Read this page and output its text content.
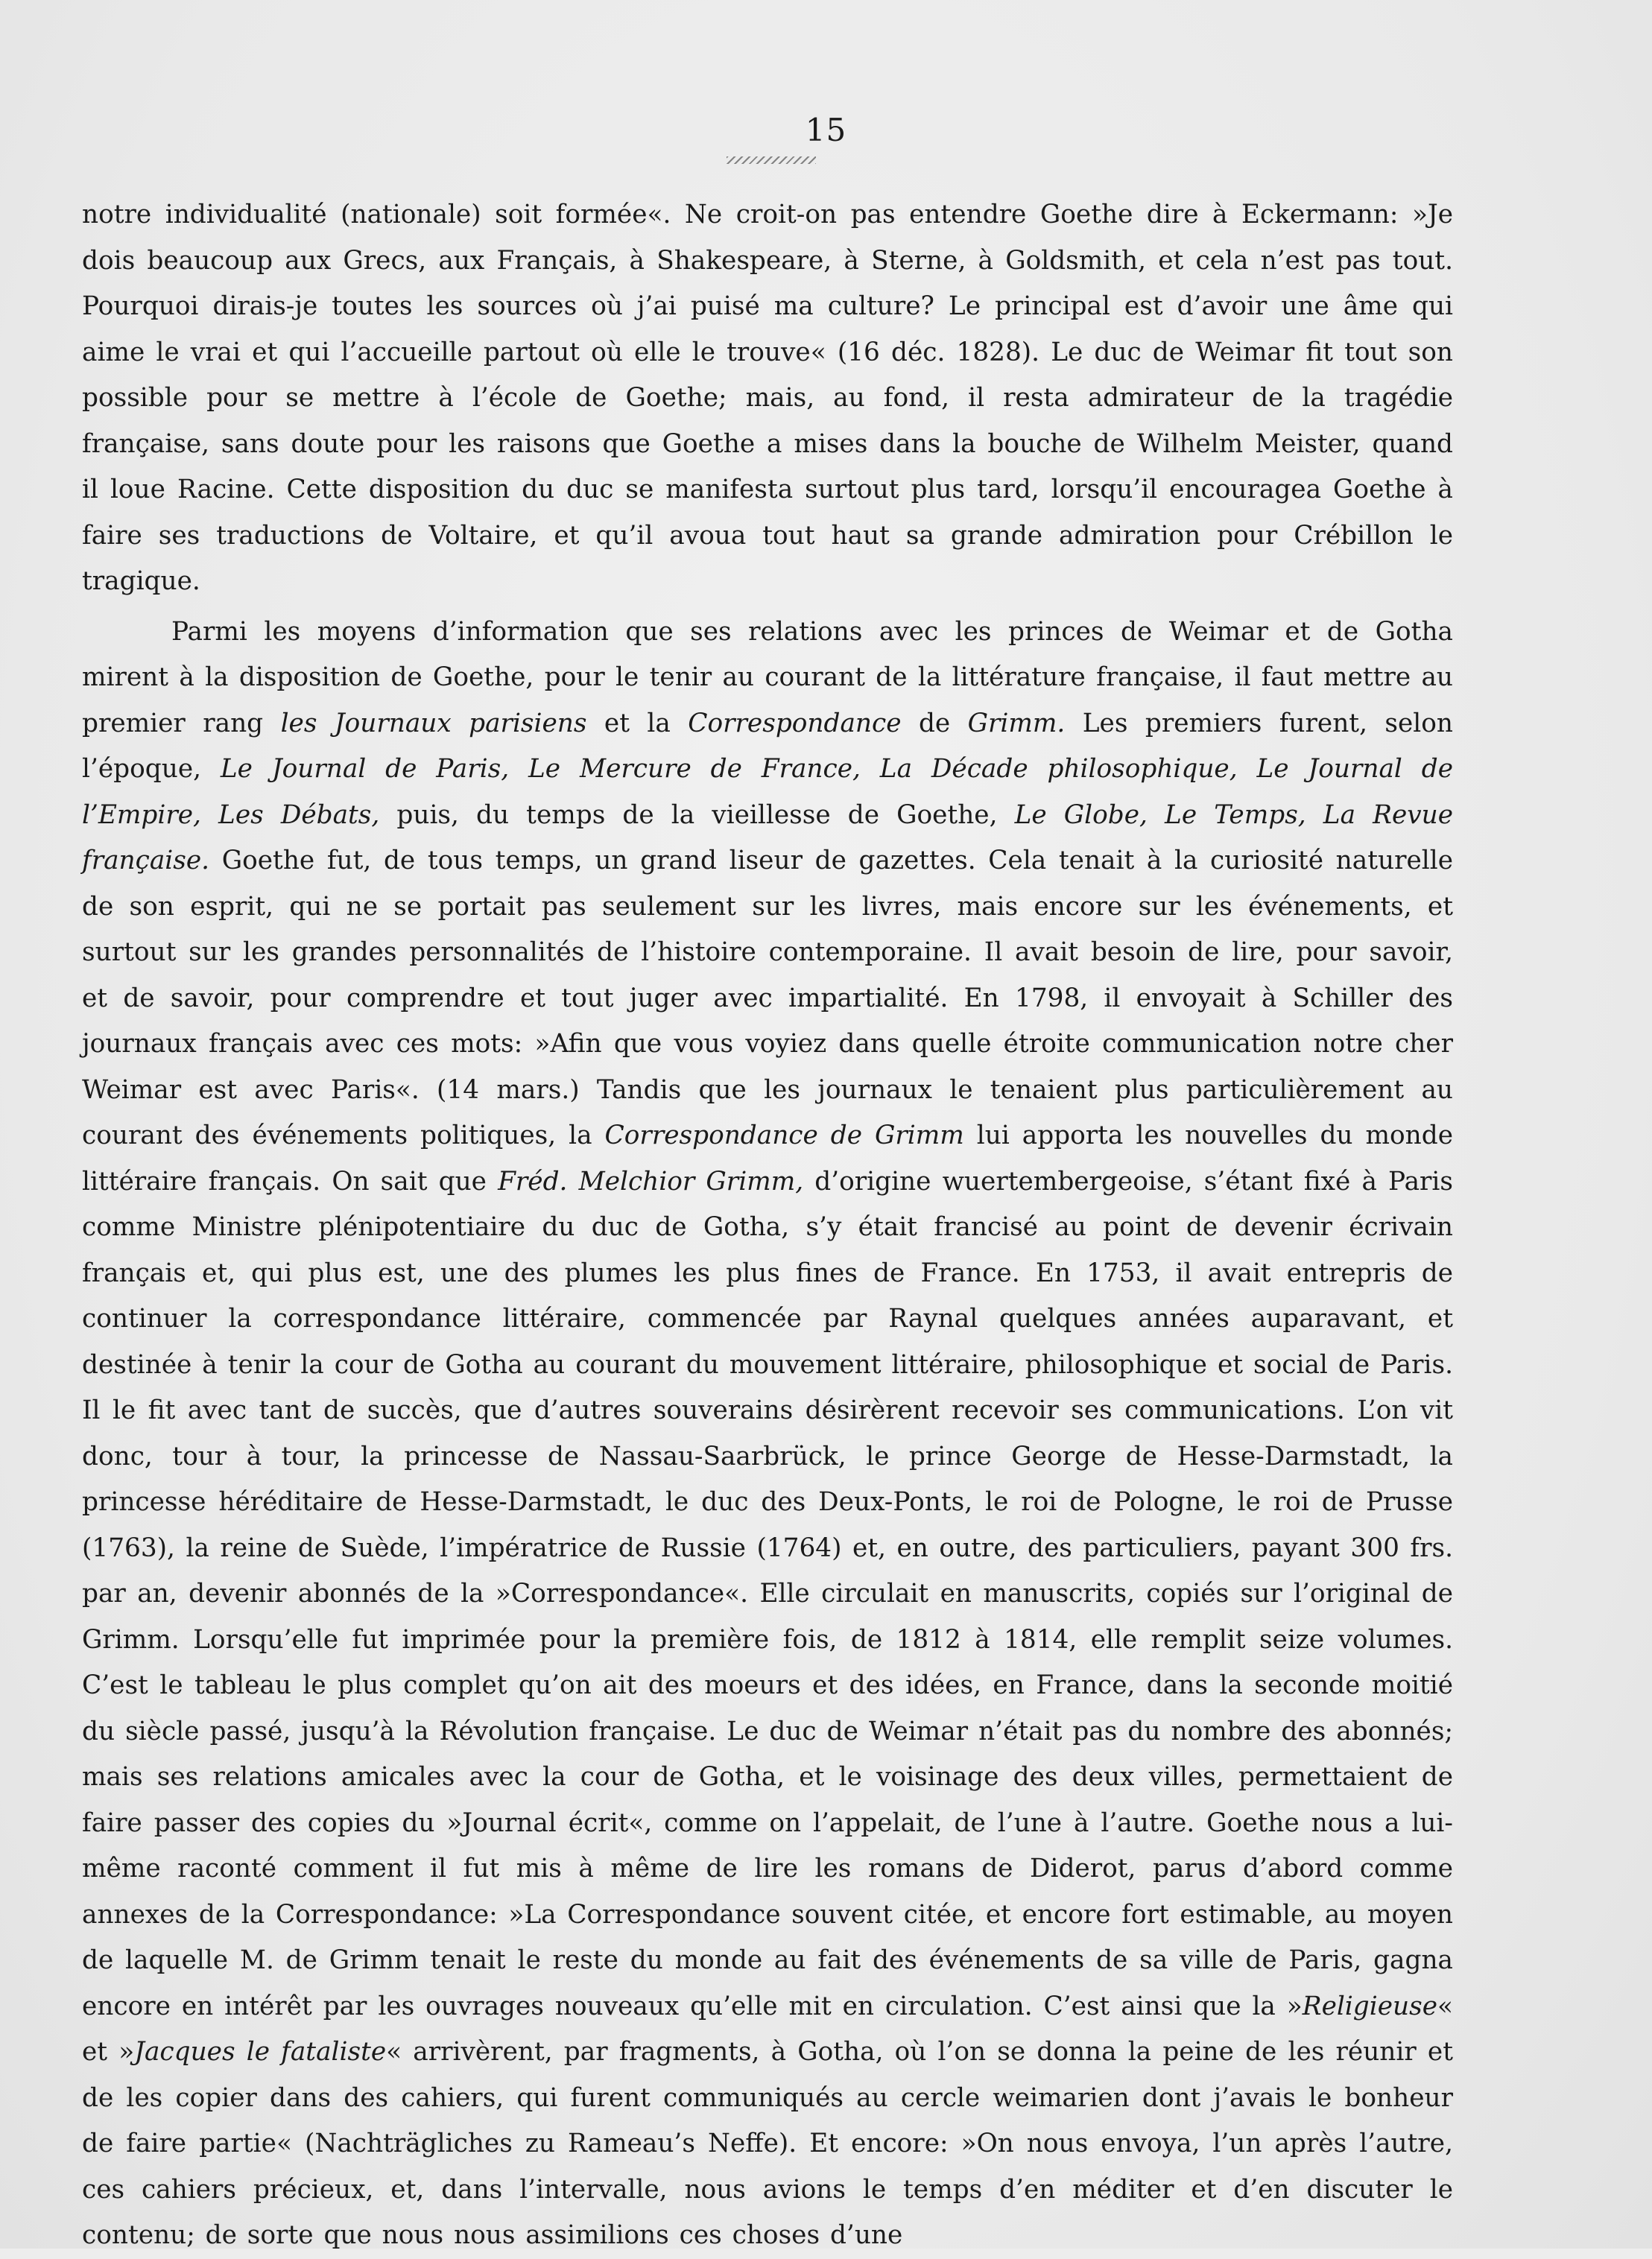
15

notre individualité (nationale) soit formée«. Ne croit-on pas entendre Goethe dire à Eckermann: »Je dois beaucoup aux Grecs, aux Français, à Shakespeare, à Sterne, à Goldsmith, et cela n’est pas tout. Pourquoi dirais-je toutes les sources où j’ai puisé ma culture? Le principal est d’avoir une âme qui aime le vrai et qui l’accueille partout où elle le trouve« (16 déc. 1828). Le duc de Weimar fit tout son possible pour se mettre à l’école de Goethe; mais, au fond, il resta admirateur de la tragédie française, sans doute pour les raisons que Goethe a mises dans la bouche de Wilhelm Meister, quand il loue Racine. Cette disposition du duc se manifesta surtout plus tard, lorsqu’il encouragea Goethe à faire ses traductions de Voltaire, et qu’il avoua tout haut sa grande admiration pour Crébillon le tragique.

Parmi les moyens d’information que ses relations avec les princes de Weimar et de Gotha mirent à la disposition de Goethe, pour le tenir au courant de la littérature française, il faut mettre au premier rang les Journaux parisiens et la Correspondance de Grimm. Les premiers furent, selon l’époque, Le Journal de Paris, Le Mercure de France, La Décade philosophique, Le Journal de l’Empire, Les Débats, puis, du temps de la vieillesse de Goethe, Le Globe, Le Temps, La Revue française. Goethe fut, de tous temps, un grand liseur de gazettes. Cela tenait à la curiosité naturelle de son esprit, qui ne se portait pas seulement sur les livres, mais encore sur les événements, et surtout sur les grandes personnalités de l’histoire contemporaine. Il avait besoin de lire, pour savoir, et de savoir, pour comprendre et tout juger avec impartialité. En 1798, il envoyait à Schiller des journaux français avec ces mots: »Afin que vous voyiez dans quelle étroite communication notre cher Weimar est avec Paris«. (14 mars.) Tandis que les journaux le tenaient plus particulièrement au courant des événements politiques, la Correspondance de Grimm lui apporta les nouvelles du monde littéraire français. On sait que Fréd. Melchior Grimm, d’origine wuertembergeoise, s’étant fixé à Paris comme Ministre plénipotentiaire du duc de Gotha, s’y était francisé au point de devenir écrivain français et, qui plus est, une des plumes les plus fines de France. En 1753, il avait entrepris de continuer la correspondance littéraire, commencée par Raynal quelques années auparavant, et destinée à tenir la cour de Gotha au courant du mouvement littéraire, philosophique et social de Paris. Il le fit avec tant de succès, que d’autres souverains désirèrent recevoir ses communications. L’on vit donc, tour à tour, la princesse de Nassau-Saarbrück, le prince George de Hesse-Darmstadt, la princesse héréditaire de Hesse-Darmstadt, le duc des Deux-Ponts, le roi de Pologne, le roi de Prusse (1763), la reine de Suède, l’impératrice de Russie (1764) et, en outre, des particuliers, payant 300 frs. par an, devenir abonnés de la »Correspondance«. Elle circulait en manuscrits, copiés sur l’original de Grimm. Lorsqu’elle fut imprimée pour la première fois, de 1812 à 1814, elle remplit seize volumes. C’est le tableau le plus complet qu’on ait des moeurs et des idées, en France, dans la seconde moitié du siècle passé, jusqu’à la Révolution française. Le duc de Weimar n’était pas du nombre des abonnés; mais ses relations amicales avec la cour de Gotha, et le voisinage des deux villes, permettaient de faire passer des copies du »Journal écrit«, comme on l’appelait, de l’une à l’autre. Goethe nous a lui-même raconté comment il fut mis à même de lire les romans de Diderot, parus d’abord comme annexes de la Correspondance: »La Correspondance souvent citée, et encore fort estimable, au moyen de laquelle M. de Grimm tenait le reste du monde au fait des événements de sa ville de Paris, gagna encore en intérêt par les ouvrages nouveaux qu’elle mit en circulation. C’est ainsi que la »Religieuse« et »Jacques le fataliste« arrivèrent, par fragments, à Gotha, où l’on se donna la peine de les réunir et de les copier dans des cahiers, qui furent communiqués au cercle weimarien dont j’avais le bonheur de faire partie« (Nachträgliches zu Rameau’s Neffe). Et encore: »On nous envoya, l’un après l’autre, ces cahiers précieux, et, dans l’intervalle, nous avions le temps d’en méditer et d’en discuter le contenu; de sorte que nous nous assimilions ces choses d’une
